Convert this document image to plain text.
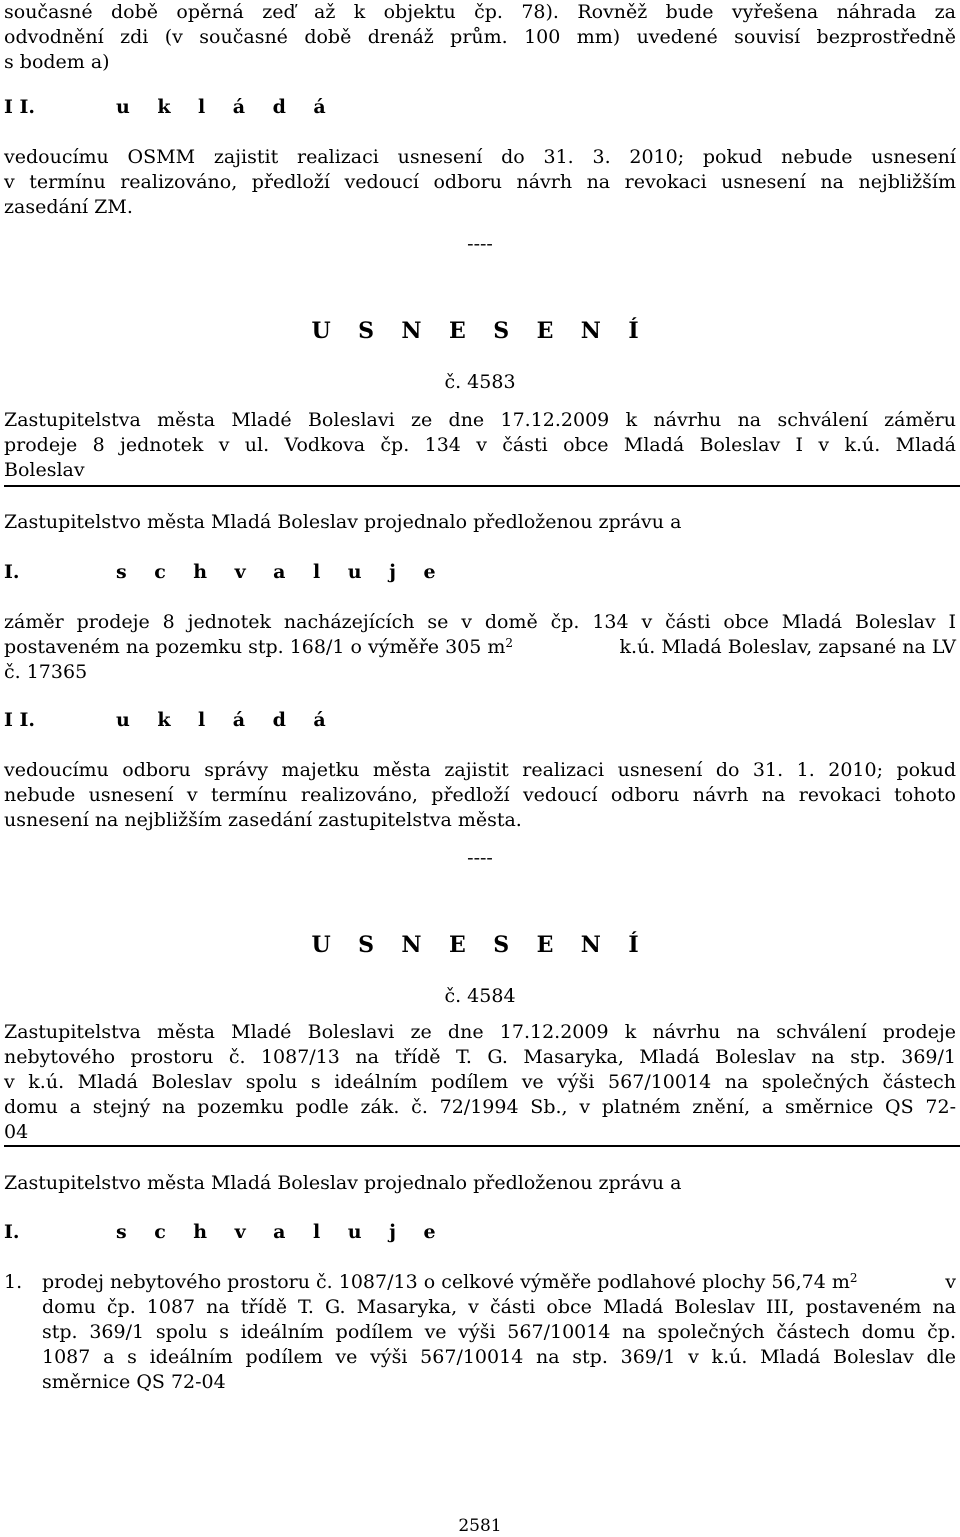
současné době opěrná zeď až k objektu čp. 78). Rovněž bude vyřešena náhrada za
odvodnění zdi (v současné době drenáž prům. 100 mm) uvedené souvisí bezprostředně
s bodem a)
I I.	u k l á d á
vedoucímu OSMM zajistit realizaci usnesení do 31. 3. 2010; pokud nebude usnesení
v termínu realizováno, předloží vedoucí odboru návrh na revokaci usnesení na nejbližším
zasedání ZM.
----
U S N E S E N Í
č. 4583
Zastupitelstva města Mladé Boleslavi ze dne 17.12.2009 k návrhu na schválení záměru
prodeje 8 jednotek v ul. Vodkova čp. 134 v části obce Mladá Boleslav I v k.ú. Mladá
Boleslav
Zastupitelstvo města Mladá Boleslav projednalo předloženou zprávu a
I.	s c h v a l u j e
záměr prodeje 8 jednotek nacházejících se v domě čp. 134 v části obce Mladá Boleslav I
postaveném na pozemku stp. 168/1 o výměře 305 $m^2$	k.ú. Mladá Boleslav, zapsané na LV
č. 17365
I I.	u k l á d á
vedoucímu odboru správy majetku města zajistit realizaci usnesení do 31. 1. 2010; pokud
nebude usnesení v termínu realizováno, předloží vedoucí odboru návrh na revokaci tohoto
usnesení na nejbližším zasedání zastupitelstva města.
----
U S N E S E N Í
č. 4584
Zastupitelstva města Mladé Boleslavi ze dne 17.12.2009 k návrhu na schválení prodeje
nebytového prostoru č. 1087/13 na třídě T. G. Masaryka, Mladá Boleslav na stp. 369/1
v k.ú. Mladá Boleslav spolu s ideálním podílem ve výši 567/10014 na společných částech
domu a stejný na pozemku podle zák. č. 72/1994 Sb., v platném znění, a směrnice QS 72-
04
Zastupitelstvo města Mladá Boleslav projednalo předloženou zprávu a
I.	s c h v a l u j e
1.	prodej nebytového prostoru č. 1087/13 o celkové výměře podlahové plochy 56,74 $m^2$	v
domu čp. 1087 na třídě T. G. Masaryka, v části obce Mladá Boleslav III, postaveném na
stp. 369/1 spolu s ideálním podílem ve výši 567/10014 na společných částech domu čp.
1087 a s ideálním podílem ve výši 567/10014 na stp. 369/1 v k.ú. Mladá Boleslav dle
směrnice QS 72-04
2581
